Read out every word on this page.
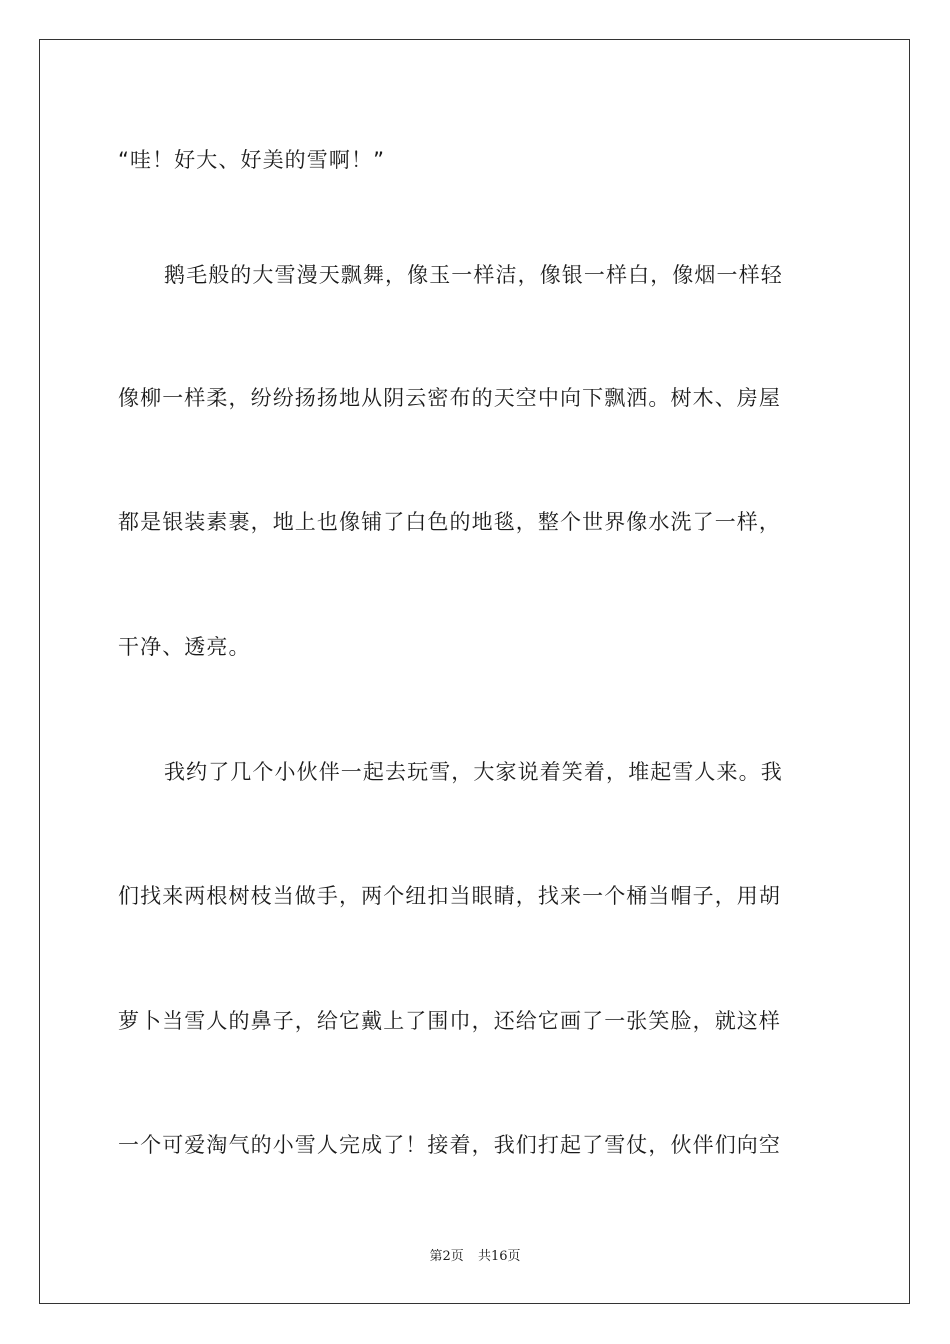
“哇！好大、好美的雪啊！”

鹅毛般的大雪漫天飘舞，像玉一样洁，像银一样白，像烟一样轻

像柳一样柔，纷纷扬扬地从阴云密布的天空中向下飘洒。树木、房屋

都是银装素裹，地上也像铺了白色的地毯，整个世界像水洗了一样，

干净、透亮。

我约了几个小伙伴一起去玩雪，大家说着笑着，堆起雪人来。我

们找来两根树枝当做手，两个纽扣当眼睛，找来一个桶当帽子，用胡

萝卜当雪人的鼻子，给它戴上了围巾，还给它画了一张笑脸，就这样

一个可爱淘气的小雪人完成了！接着，我们打起了雪仗，伙伴们向空

第2页 共16页
